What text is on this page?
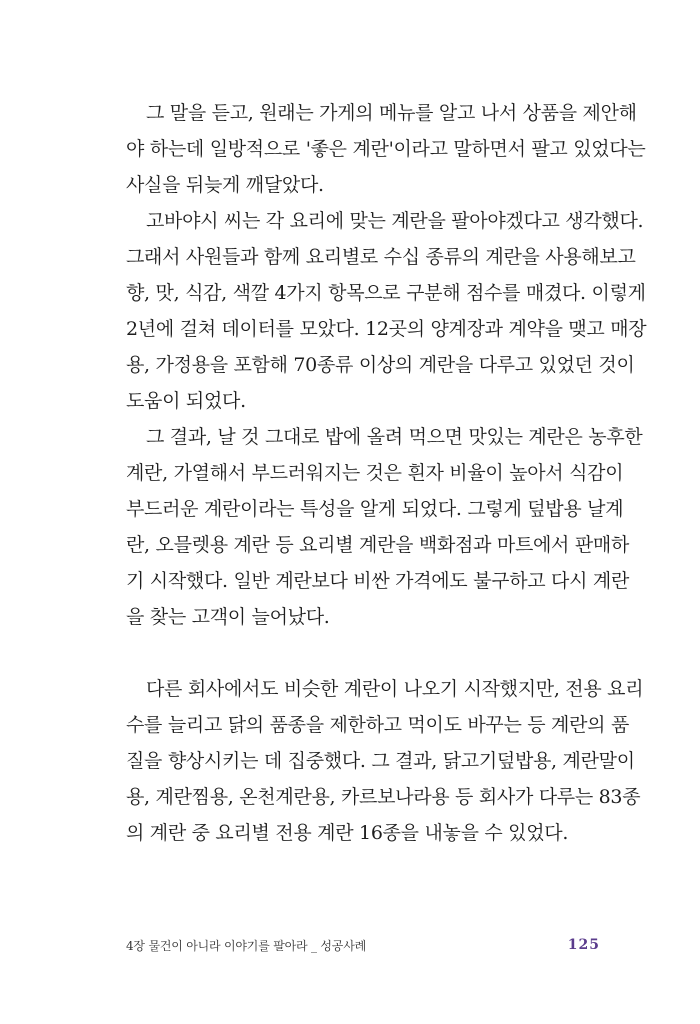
그 말을 듣고, 원래는 가게의 메뉴를 알고 나서 상품을 제안해
야 하는데 일방적으로 '좋은 계란'이라고 말하면서 팔고 있었다는
사실을 뒤늦게 깨달았다.
고바야시 씨는 각 요리에 맞는 계란을 팔아야겠다고 생각했다.
그래서 사원들과 함께 요리별로 수십 종류의 계란을 사용해보고
향, 맛, 식감, 색깔 4가지 항목으로 구분해 점수를 매겼다. 이렇게
2년에 걸쳐 데이터를 모았다. 12곳의 양계장과 계약을 맺고 매장
용, 가정용을 포함해 70종류 이상의 계란을 다루고 있었던 것이
도움이 되었다.
그 결과, 날 것 그대로 밥에 올려 먹으면 맛있는 계란은 농후한
계란, 가열해서 부드러워지는 것은 흰자 비율이 높아서 식감이
부드러운 계란이라는 특성을 알게 되었다. 그렇게 덮밥용 날계
란, 오믈렛용 계란 등 요리별 계란을 백화점과 마트에서 판매하
기 시작했다. 일반 계란보다 비싼 가격에도 불구하고 다시 계란
을 찾는 고객이 늘어났다.
다른 회사에서도 비슷한 계란이 나오기 시작했지만, 전용 요리
수를 늘리고 닭의 품종을 제한하고 먹이도 바꾸는 등 계란의 품
질을 향상시키는 데 집중했다. 그 결과, 닭고기덮밥용, 계란말이
용, 계란찜용, 온천계란용, 카르보나라용 등 회사가 다루는 83종
의 계란 중 요리별 전용 계란 16종을 내놓을 수 있었다.
4장 물건이 아니라 이야기를 팔아라 _ 성공사례	125
